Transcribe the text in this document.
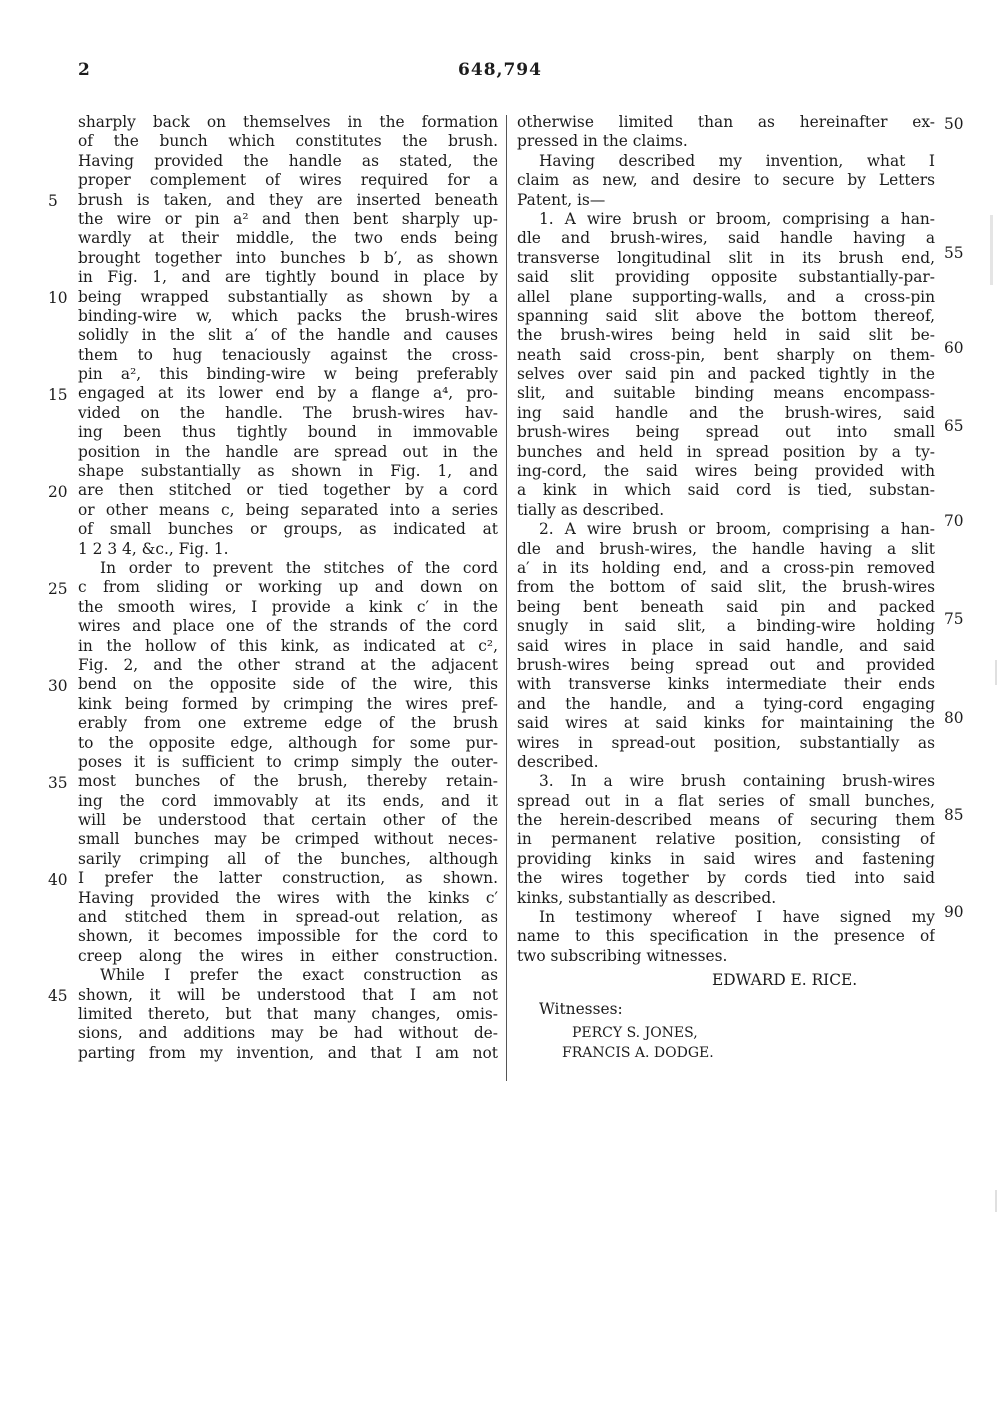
2	648,794
sharply back on themselves in the formation
of the bunch which constitutes the brush.
Having provided the handle as stated, the
proper complement of wires required for a
brush is taken, and they are inserted beneath
the wire or pin a² and then bent sharply up-
wardly at their middle, the two ends being
brought together into bunches b b′, as shown
in Fig. 1, and are tightly bound in place by
being wrapped substantially as shown by a
binding-wire w, which packs the brush-wires
solidly in the slit a′ of the handle and causes
them to hug tenaciously against the cross-
pin a², this binding-wire w being preferably
engaged at its lower end by a flange a⁴, pro-
vided on the handle. The brush-wires hav-
ing been thus tightly bound in immovable
position in the handle are spread out in the
shape substantially as shown in Fig. 1, and
are then stitched or tied together by a cord
or other means c, being separated into a series
of small bunches or groups, as indicated at
1 2 3 4, &c., Fig. 1.
In order to prevent the stitches of the cord
c from sliding or working up and down on
the smooth wires, I provide a kink c′ in the
wires and place one of the strands of the cord
in the hollow of this kink, as indicated at c²,
Fig. 2, and the other strand at the adjacent
bend on the opposite side of the wire, this
kink being formed by crimping the wires pref-
erably from one extreme edge of the brush
to the opposite edge, although for some pur-
poses it is sufficient to crimp simply the outer-
most bunches of the brush, thereby retain-
ing the cord immovably at its ends, and it
will be understood that certain other of the
small bunches may be crimped without neces-
sarily crimping all of the bunches, although
I prefer the latter construction, as shown.
Having provided the wires with the kinks c′
and stitched them in spread-out relation, as
shown, it becomes impossible for the cord to
creep along the wires in either construction.
While I prefer the exact construction as
shown, it will be understood that I am not
limited thereto, but that many changes, omis-
sions, and additions may be had without de-
parting from my invention, and that I am not
otherwise limited than as hereinafter ex-
pressed in the claims.
Having described my invention, what I
claim as new, and desire to secure by Letters
Patent, is—
1. A wire brush or broom, comprising a han-
dle and brush-wires, said handle having a
transverse longitudinal slit in its brush end,
said slit providing opposite substantially-par-
allel plane supporting-walls, and a cross-pin
spanning said slit above the bottom thereof,
the brush-wires being held in said slit be-
neath said cross-pin, bent sharply on them-
selves over said pin and packed tightly in the
slit, and suitable binding means encompass-
ing said handle and the brush-wires, said
brush-wires being spread out into small
bunches and held in spread position by a ty-
ing-cord, the said wires being provided with
a kink in which said cord is tied, substan-
tially as described.
2. A wire brush or broom, comprising a han-
dle and brush-wires, the handle having a slit
a′ in its holding end, and a cross-pin removed
from the bottom of said slit, the brush-wires
being bent beneath said pin and packed
snugly in said slit, a binding-wire holding
said wires in place in said handle, and said
brush-wires being spread out and provided
with transverse kinks intermediate their ends
and the handle, and a tying-cord engaging
said wires at said kinks for maintaining the
wires in spread-out position, substantially as
described.
3. In a wire brush containing brush-wires
spread out in a flat series of small bunches,
the herein-described means of securing them
in permanent relative position, consisting of
providing kinks in said wires and fastening
the wires together by cords tied into said
kinks, substantially as described.
In testimony whereof I have signed my
name to this specification in the presence of
two subscribing witnesses.
EDWARD E. RICE.
Witnesses:
PERCY S. JONES,
FRANCIS A. DODGE.
5
10
15
20
25
30
35
40
45
50
55
60
65
70
75
80
85
90
